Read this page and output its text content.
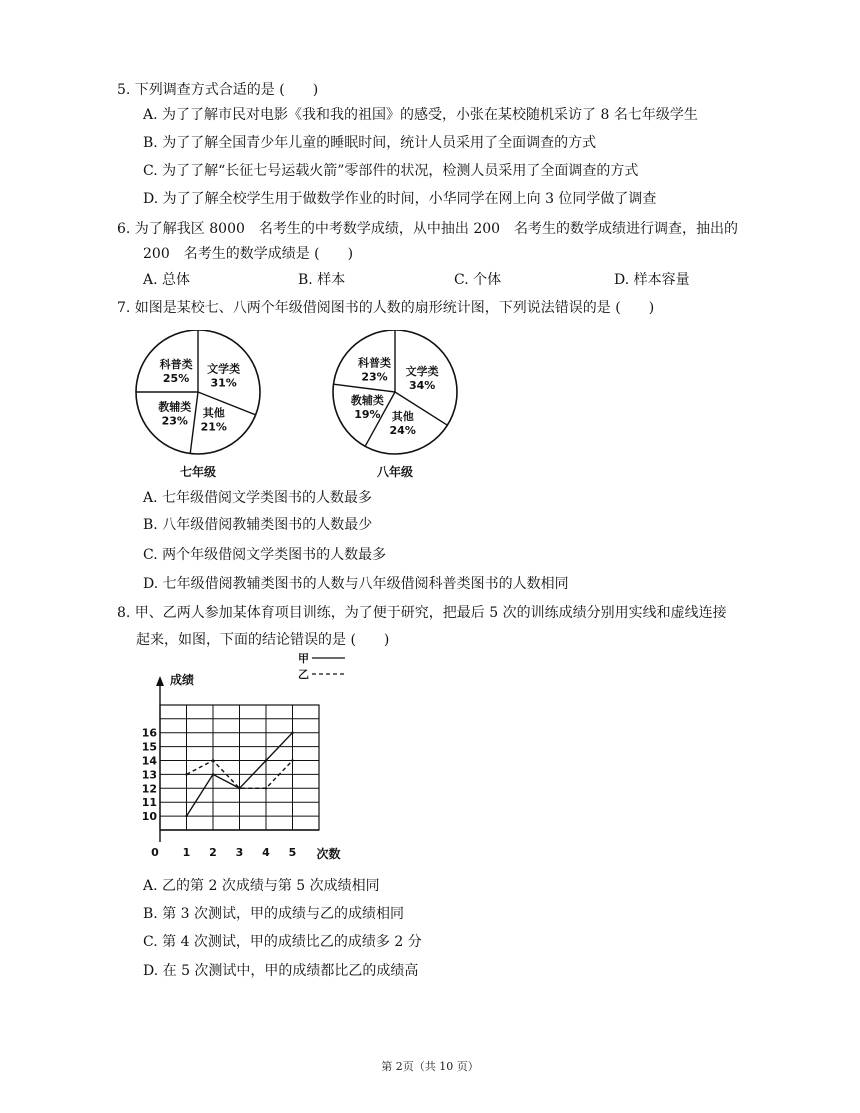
5. 下列调查方式合适的是 (　　)
A. 为了了解市民对电影《我和我的祖国》的感受，小张在某校随机采访了 8 名七年级学生
B. 为了了解全国青少年儿童的睡眠时间，统计人员采用了全面调查的方式
C. 为了了解“长征七号运载火箭”零部件的状况，检测人员采用了全面调查的方式
D. 为了了解全校学生用于做数学作业的时间，小华同学在网上向 3 位同学做了调查
6. 为了解我区 8000　名考生的中考数学成绩，从中抽出 200　名考生的数学成绩进行调查，抽出的
200　名考生的数学成绩是 (　　)
A. 总体	B. 样本	C. 个体	D. 样本容量
7. 如图是某校七、八两个年级借阅图书的人数的扇形统计图，下列说法错误的是 (　　)
文学类
31%
其他
21%
教辅类
23%
科普类
25%
七年级
文学类
34%
其他
24%
教辅类
19%
科普类
23%
八年级
A. 七年级借阅文学类图书的人数最多
B. 八年级借阅教辅类图书的人数最少
C. 两个年级借阅文学类图书的人数最多
D. 七年级借阅教辅类图书的人数与八年级借阅科普类图书的人数相同
8. 甲、乙两人参加某体育项目训练，为了便于研究，把最后 5 次的训练成绩分别用实线和虚线连接
起来，如图，下面的结论错误的是 (　　)
成绩
10
11
12
13
14
15
16
0 1 2 3 4 5 次数
甲
乙
A. 乙的第 2 次成绩与第 5 次成绩相同
B. 第 3 次测试，甲的成绩与乙的成绩相同
C. 第 4 次测试，甲的成绩比乙的成绩多 2 分
D. 在 5 次测试中，甲的成绩都比乙的成绩高
第 2页（共 10 页）
